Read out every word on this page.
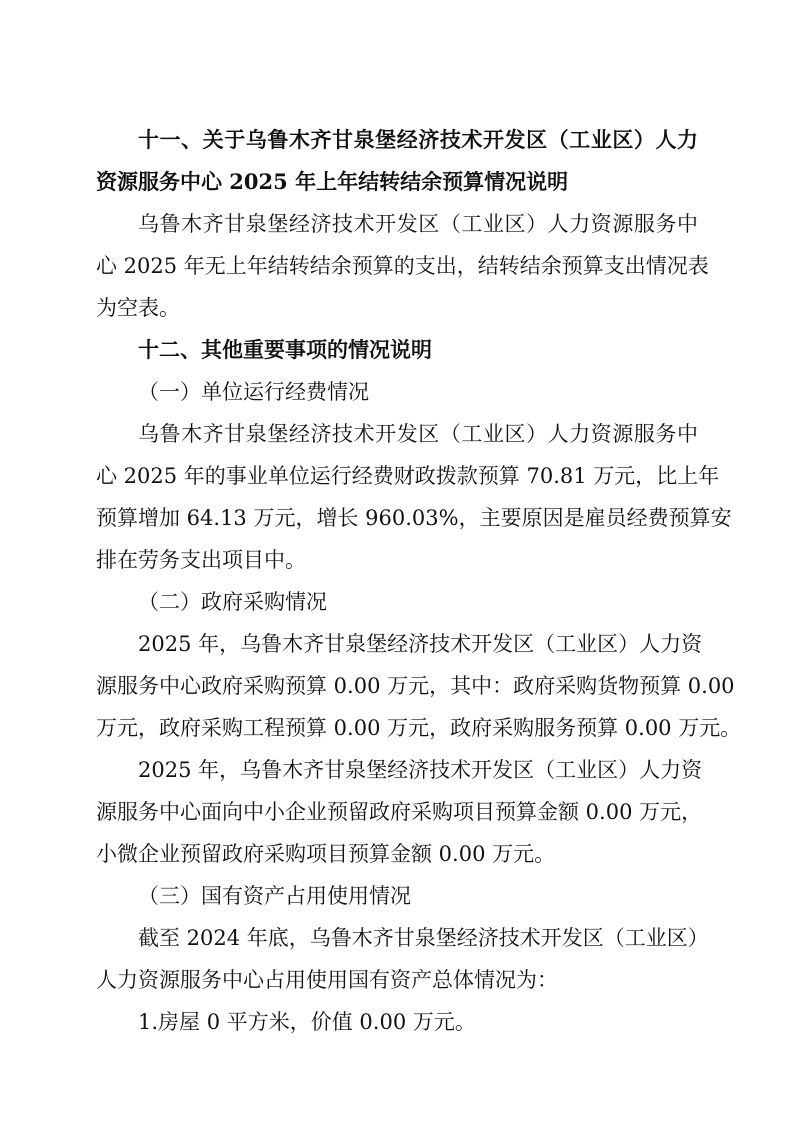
十一、关于乌鲁木齐甘泉堡经济技术开发区（工业区）人力
资源服务中心 2025 年上年结转结余预算情况说明
乌鲁木齐甘泉堡经济技术开发区（工业区）人力资源服务中
心 2025 年无上年结转结余预算的支出，结转结余预算支出情况表
为空表。
十二、其他重要事项的情况说明
（一）单位运行经费情况
乌鲁木齐甘泉堡经济技术开发区（工业区）人力资源服务中
心 2025 年的事业单位运行经费财政拨款预算 70.81 万元，比上年
预算增加 64.13 万元，增长 960.03%，主要原因是雇员经费预算安
排在劳务支出项目中。
（二）政府采购情况
2025 年，乌鲁木齐甘泉堡经济技术开发区（工业区）人力资
源服务中心政府采购预算 0.00 万元，其中：政府采购货物预算 0.00
万元，政府采购工程预算 0.00 万元，政府采购服务预算 0.00 万元。
2025 年，乌鲁木齐甘泉堡经济技术开发区（工业区）人力资
源服务中心面向中小企业预留政府采购项目预算金额 0.00 万元，
小微企业预留政府采购项目预算金额 0.00 万元。
（三）国有资产占用使用情况
截至 2024 年底，乌鲁木齐甘泉堡经济技术开发区（工业区）
人力资源服务中心占用使用国有资产总体情况为：
1.房屋 0 平方米，价值 0.00 万元。
